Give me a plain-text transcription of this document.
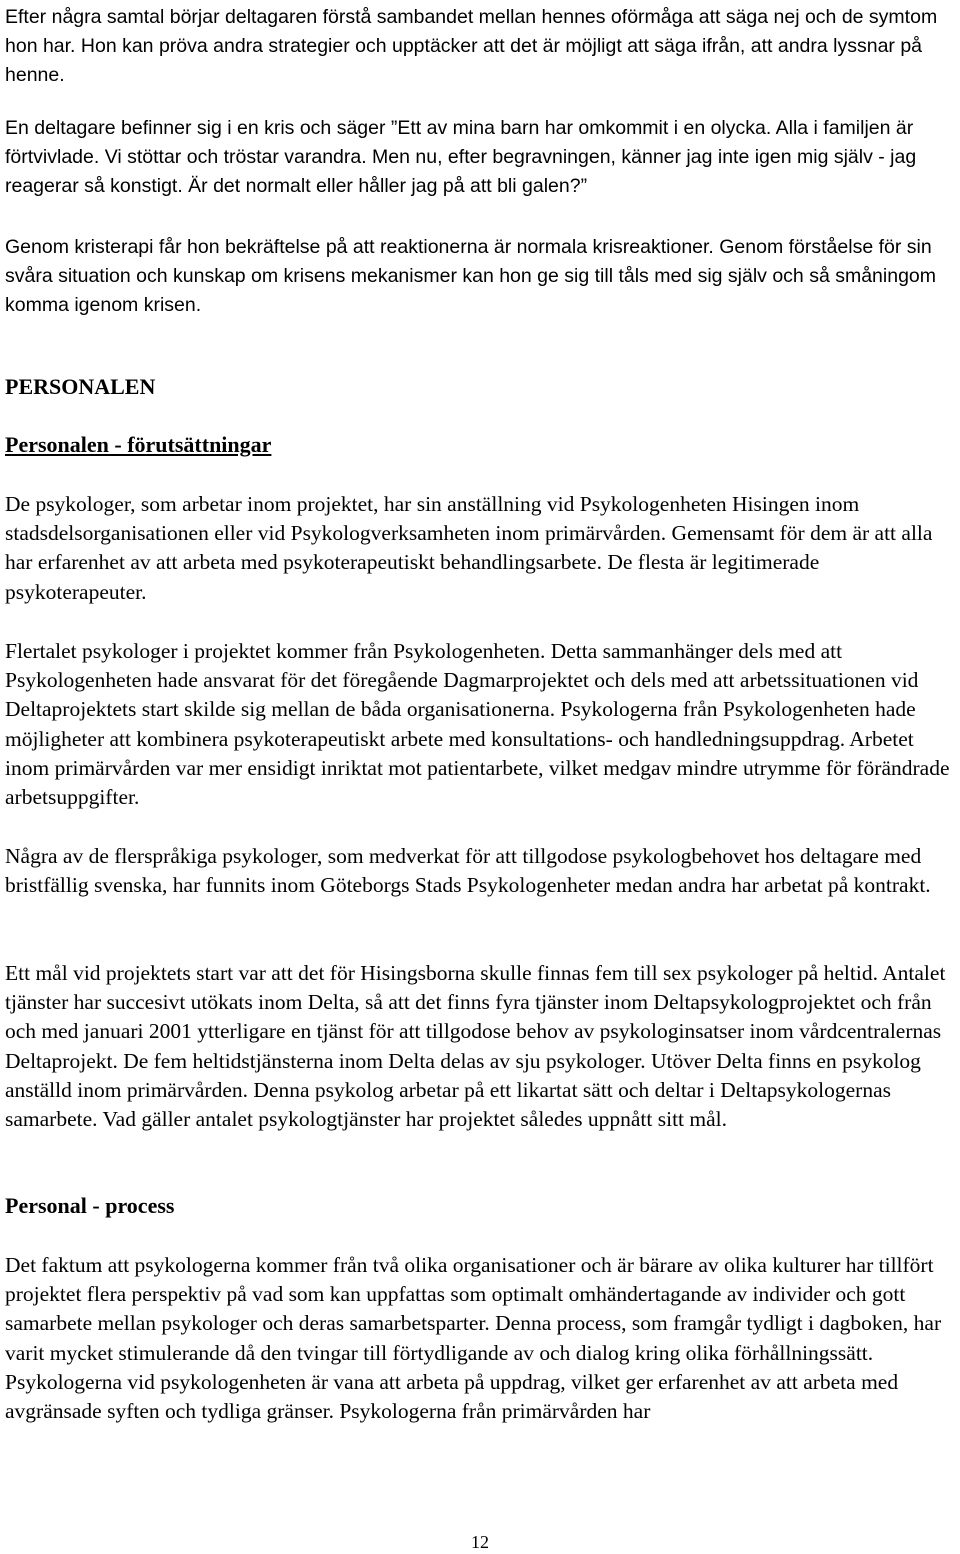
Efter några samtal börjar deltagaren förstå sambandet mellan hennes oförmåga att säga nej och de symtom hon har. Hon kan pröva andra strategier och upptäcker att det är möjligt att säga ifrån, att andra lyssnar på henne.

En deltagare befinner sig i en kris och säger ”Ett av mina barn har omkommit i en olycka. Alla i familjen är förtvivlade. Vi stöttar och tröstar varandra. Men nu, efter begravningen, känner jag inte igen mig själv - jag reagerar så konstigt. Är det normalt eller håller jag på att bli galen?”

Genom kristerapi får hon bekräftelse på att reaktionerna är normala krisreaktioner. Genom förståelse för sin svåra situation och kunskap om krisens mekanismer kan hon ge sig till tåls med sig själv och så småningom komma igenom krisen.

PERSONALEN
Personalen - förutsättningar

De psykologer, som arbetar inom projektet, har sin anställning vid Psykologenheten Hisingen inom stadsdelsorganisationen eller vid Psykologverksamheten inom primärvården. Gemensamt för dem är att alla har erfarenhet av att arbeta med psykoterapeutiskt behandlingsarbete. De flesta är legitimerade psykoterapeuter.

Flertalet psykologer i projektet kommer från Psykologenheten. Detta sammanhänger dels med att Psykologenheten hade ansvarat för det föregående Dagmarprojektet och dels med att arbetssituationen vid Deltaprojektets start skilde sig mellan de båda organisationerna. Psykologerna från Psykologenheten hade möjligheter att kombinera psykoterapeutiskt arbete med konsultations- och handledningsuppdrag. Arbetet inom primärvården var mer ensidigt inriktat mot patientarbete, vilket medgav mindre utrymme för förändrade arbetsuppgifter.

Några av de flerspråkiga psykologer, som medverkat för att tillgodose psykologbehovet hos deltagare med bristfällig svenska, har funnits inom Göteborgs Stads Psykologenheter medan andra har arbetat på kontrakt.

Ett mål vid projektets start var att det för Hisingsborna skulle finnas fem till sex psykologer på heltid. Antalet tjänster har succesivt utökats inom Delta, så att det finns fyra tjänster inom Deltapsykologprojektet och från och med januari 2001 ytterligare en tjänst för att tillgodose behov av psykologinsatser inom vårdcentralernas Deltaprojekt. De fem heltidstjänsterna inom Delta delas av sju psykologer. Utöver Delta finns en psykolog anställd inom primärvården. Denna psykolog arbetar på ett likartat sätt och deltar i Deltapsykologernas samarbete. Vad gäller antalet psykologtjänster har projektet således uppnått sitt mål.

Personal - process

Det faktum att psykologerna kommer från två olika organisationer och är bärare av olika kulturer har tillfört projektet flera perspektiv på vad som kan uppfattas som optimalt omhändertagande av individer och gott samarbete mellan psykologer och deras samarbetsparter. Denna process, som framgår tydligt i dagboken, har varit mycket stimulerande då den tvingar till förtydligande av och dialog kring olika förhållningssätt. Psykologerna vid psykologenheten är vana att arbeta på uppdrag, vilket ger erfarenhet av att arbeta med avgränsade syften och tydliga gränser. Psykologerna från primärvården har

12
